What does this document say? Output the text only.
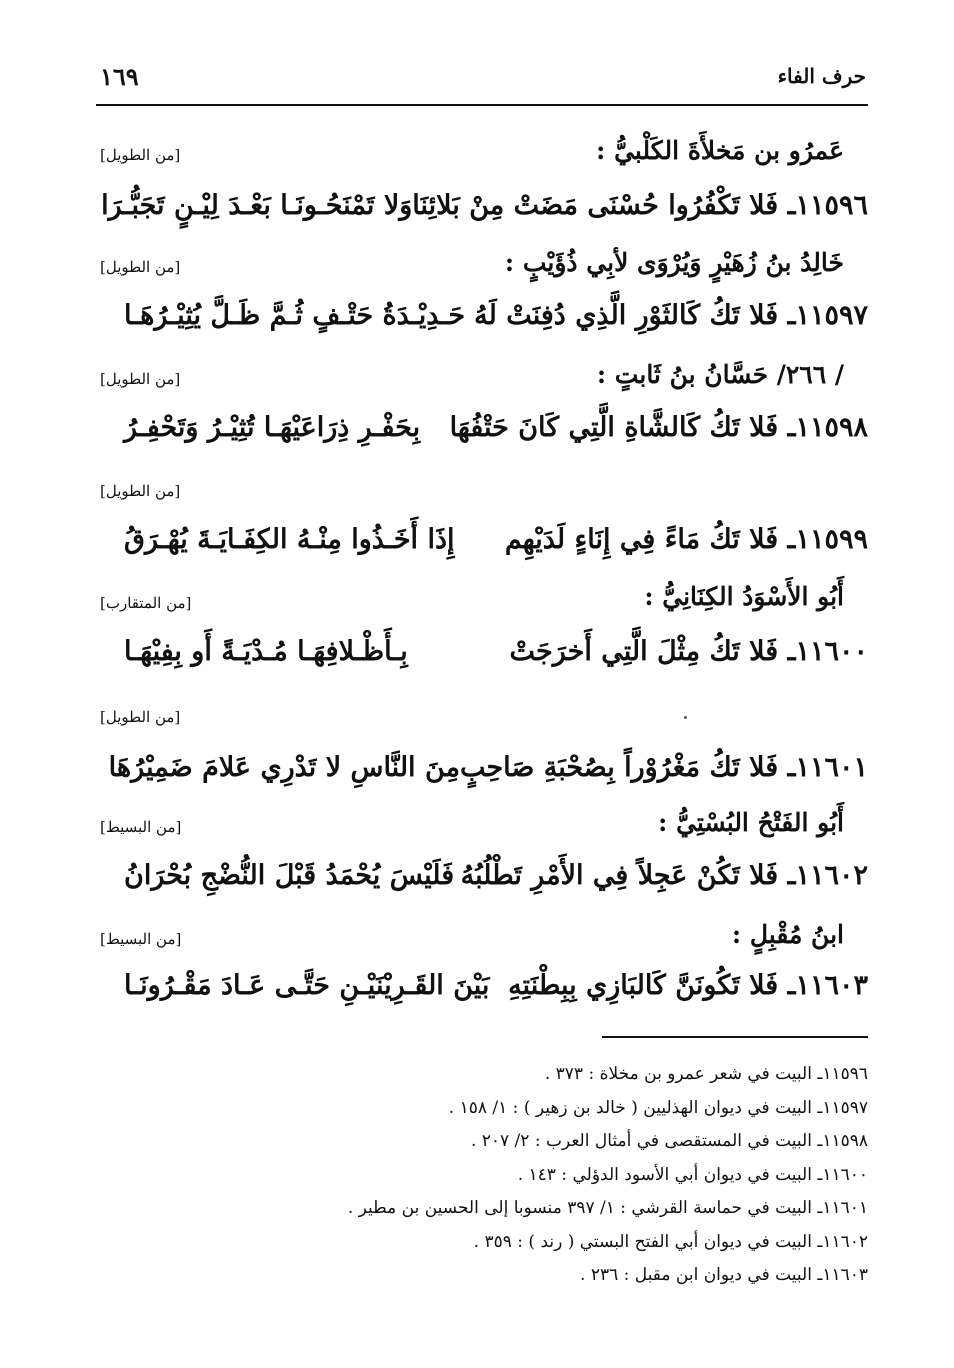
حرف الفاء
١٦٩
عَمرُو بن مَخلأَةَ الكَلْبيُّ :
[من الطويل]
١١٥٩٦ـ فَلا تَكْفُرُوا حُسْنَى مَضَتْ مِنْ بَلائِنَا
وَلا تَمْنَحُـونَـا بَعْـدَ لِيْـنٍ تَجَبُّـرَا
خَالِدُ بنُ زُهَيْرٍ وَيُرْوَى لأبِي ذُؤَيْبٍ :
[من الطويل]
١١٥٩٧ـ فَلا تَكُ كَالثَوْرِ الَّذِي دُفِنَتْ لَهُ
حَـدِيْـدَةُ حَتْـفٍ ثُـمَّ ظَـلَّ يُثِيْـرُهَـا
/ ٢٦٦/ حَسَّانُ بنُ ثَابتٍ :
[من الطويل]
١١٥٩٨ـ فَلا تَكُ كَالشَّاةِ الَّتِي كَانَ حَتْفُهَا
بِحَفْـرِ ذِرَاعَيْهَـا تُثِيْـرُ وَتَحْفِـرُ
[من الطويل]
١١٥٩٩ـ فَلا تَكُ مَاءً فِي إِنَاءٍ لَدَيْهِم
إِذَا أَخَـذُوا مِنْـهُ الكِفَـايَـةَ يُهْـرَقُ
أَبُو الأَسْوَدُ الكِنَانِيُّ :
[من المتقارب]
١١٦٠٠ـ فَلا تَكُ مِثْلَ الَّتِي أَخرَجَتْ
بِـأَظْـلافِهَـا مُـدْيَـةً أَو بِفِيْهَـا
[من الطويل]
١١٦٠١ـ فَلا تَكُ مَغْرُوْراً بِصُحْبَةِ صَاحِبٍ
مِنَ النَّاسِ لا تَدْرِي عَلامَ ضَمِيْرُهَا
أَبُو الفَتْحُ البُسْتِيُّ :
[من البسيط]
١١٦٠٢ـ فَلا تَكُنْ عَجِلاً فِي الأَمْرِ تَطْلُبُهُ
فَلَيْسَ يُحْمَدُ قَبْلَ النُّضْجِ بُحْرَانُ
ابنُ مُقْبِلٍ :
[من البسيط]
١١٦٠٣ـ فَلا تَكُونَنَّ كَالبَازِي بِبِطْنَتِهِ
بَيْنَ القَـرِيْنَيْـنِ حَتَّـى عَـادَ مَقْـرُونَـا
١١٥٩٦ـ البيت في شعر عمرو بن مخلاة : ٣٧٣ .
١١٥٩٧ـ البيت في ديوان الهذليين ( خالد بن زهير ) : ١/ ١٥٨ .
١١٥٩٨ـ البيت في المستقصى في أمثال العرب : ٢/ ٢٠٧ .
١١٦٠٠ـ البيت في ديوان أبي الأسود الدؤلي : ١٤٣ .
١١٦٠١ـ البيت في حماسة القرشي : ١/ ٣٩٧ منسوبا إلى الحسين بن مطير .
١١٦٠٢ـ البيت في ديوان أبي الفتح البستي ( رند ) : ٣٥٩ .
١١٦٠٣ـ البيت في ديوان ابن مقبل : ٢٣٦ .
